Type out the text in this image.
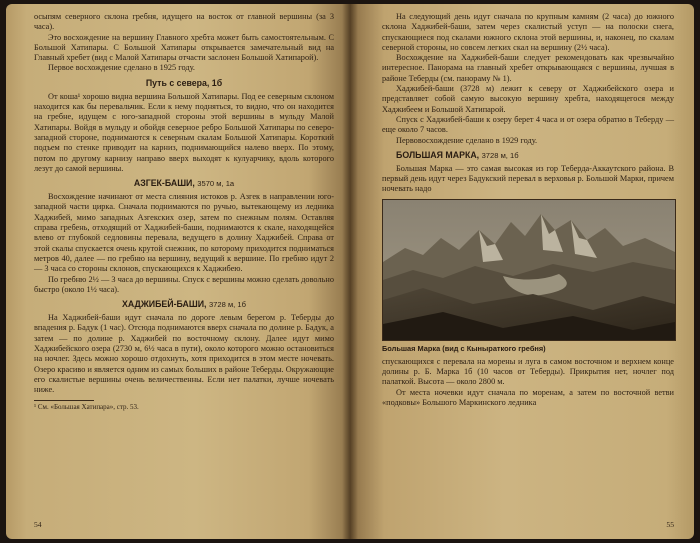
осыпям северного склона гребня, идущего на восток от главной вершины (за 3 часа).

Это восхождение на вершину Главного хребта может быть самостоятельным. С Большой Хатипары. С Большой Хатипары открывается замечательный вид на Главный хребет (вид с Малой Хатипары отчасти заслонен Большой Хатипарой).

Первое восхождение сделано в 1925 году.

Путь с севера, 1б

От коша¹ хорошо видна вершина Большой Хатипары. Под ее северным склоном находится как бы перевальчик. Если к нему подняться, то видно, что он находится на гребне, идущем с юго-западной стороны этой вершины в мульду Малой Хатипары. Войдя в мульду и обойдя северное ребро Большой Хатипары по северо-западной стороне, поднимаются к северным скалам Большой Хатипары. Короткий подъем по стенке приводит на карниз, поднимающийся налево вверх. По этому, потом по другому карнизу направо вверх выходят к кулуарчику, вдоль которого лезут до самой вершины.

АЗГЕК-БАШИ, 3570 м, 1а

Восхождение начинают от места слияния истоков р. Азгек в направлении юго-западной части цирка. Сначала поднимаются по ручью, вытекающему из ледника Хаджибей, мимо западных Азгекских озер, затем по снежным полям. Оставляя справа гребень, отходящий от Хаджибей-баши, поднимаются к скале, находящейся влево от глубокой седловины перевала, ведущего в долину Хаджибей. Справа от этой скалы спускается очень крутой снежник, по которому приходится подниматься метров 40, далее — по гребню на вершину, ведущий к вершине. По гребню идут 2 — 3 часа со стороны склонов, спускающихся к Хаджибею.

По гребню 2½ — 3 часа до вершины. Спуск с вершины можно сделать довольно быстро (около 1½ часа).

ХАДЖИБЕЙ-БАШИ, 3728 м, 1б

На Хаджибей-баши идут сначала по дороге левым берегом р. Теберды до впадения р. Бадук (1 час). Отсюда поднимаются вверх сначала по долине р. Бадук, а затем — по долине р. Хаджибей по восточному склону. Далее идут мимо Хаджибейского озера (2730 м, 6½ часа в пути), около которого можно остановиться на ночлег. Здесь можно хорошо отдохнуть, хотя приходится в этом месте ночевать. Озеро красиво и является одним из самых больших в районе Теберды. Окружающие его скалистые вершины очень величественны. Если нет палатки, лучше ночевать ниже.

¹ См. «Большая Хатипара», стр. 53.

54

На следующий день идут сначала по крупным камням (2 часа) до южного склона Хаджибей-баши, затем через скалистый уступ — на полоски снега, спускающиеся под скалами южного склона этой вершины, и, наконец, по скалам северной стороны, но совсем легких скал на вершину (2½ часа).

Восхождение на Хаджибей-баши следует рекомендовать как чрезвычайно интересное. Панорама на главный хребет открывающаяся с вершины, лучшая в районе Теберды (см. панораму № 1).

Хаджибей-баши (3728 м) лежит к северу от Хаджибейского озера и представляет собой самую высокую вершину хребта, находящегося между Хаджибеем и Большой Хатипарой.

Спуск с Хаджибей-баши к озеру берет 4 часа и от озера обратно в Теберду — еще около 7 часов.

Первовосхождение сделано в 1929 году.

БОЛЬШАЯ МАРКА, 3728 м, 1б

Большая Марка — это самая высокая из гор Теберда-Аккаутского района. В первый день идут через Бадукский перевал в верховья р. Большой Марки, причем ночевать надо

Большая Марка (вид с Кыныраткого гребня)

спускающихся с перевала на морены и луга в самом восточном и верхнем конце долины р. Б. Марка 1б (10 часов от Теберды). Прикрытия нет, ночлег под палаткой. Высота — около 2800 м.

От места ночевки идут сначала по моренам, а затем по восточной ветви «подковы» Большого Маркинского ледника

55
